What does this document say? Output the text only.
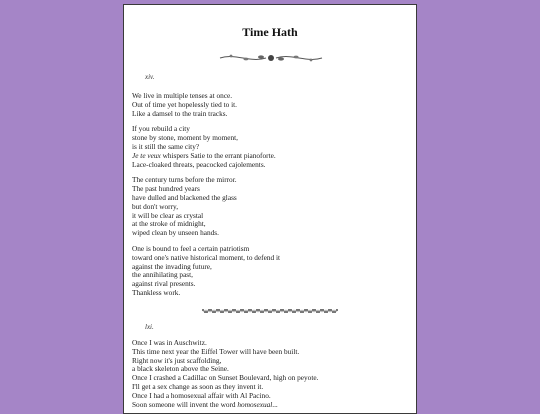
Time Hath
xiv.
We live in multiple tenses at once.
Out of time yet hopelessly tied to it.
Like a damsel to the train tracks.
If you rebuild a city
stone by stone, moment by moment,
is it still the same city?
Je te veux whispers Satie to the errant pianoforte.
Lace-cloaked threats, peacocked cajolements.
The century turns before the mirror.
The past hundred years
have dulled and blackened the glass
but don't worry,
it will be clear as crystal
at the stroke of midnight,
wiped clean by unseen hands.
One is bound to feel a certain patriotism
toward one's native historical moment, to defend it
against the invading future,
the annihilating past,
against rival presents.
Thankless work.
lxi.
Once I was in Auschwitz.
This time next year the Eiffel Tower will have been built.
Right now it's just scaffolding,
a black skeleton above the Seine.
Once I crashed a Cadillac on Sunset Boulevard, high on peyote.
I'll get a sex change as soon as they invent it.
Once I had a homosexual affair with Al Pacino.
Soon someone will invent the word homosexual...
